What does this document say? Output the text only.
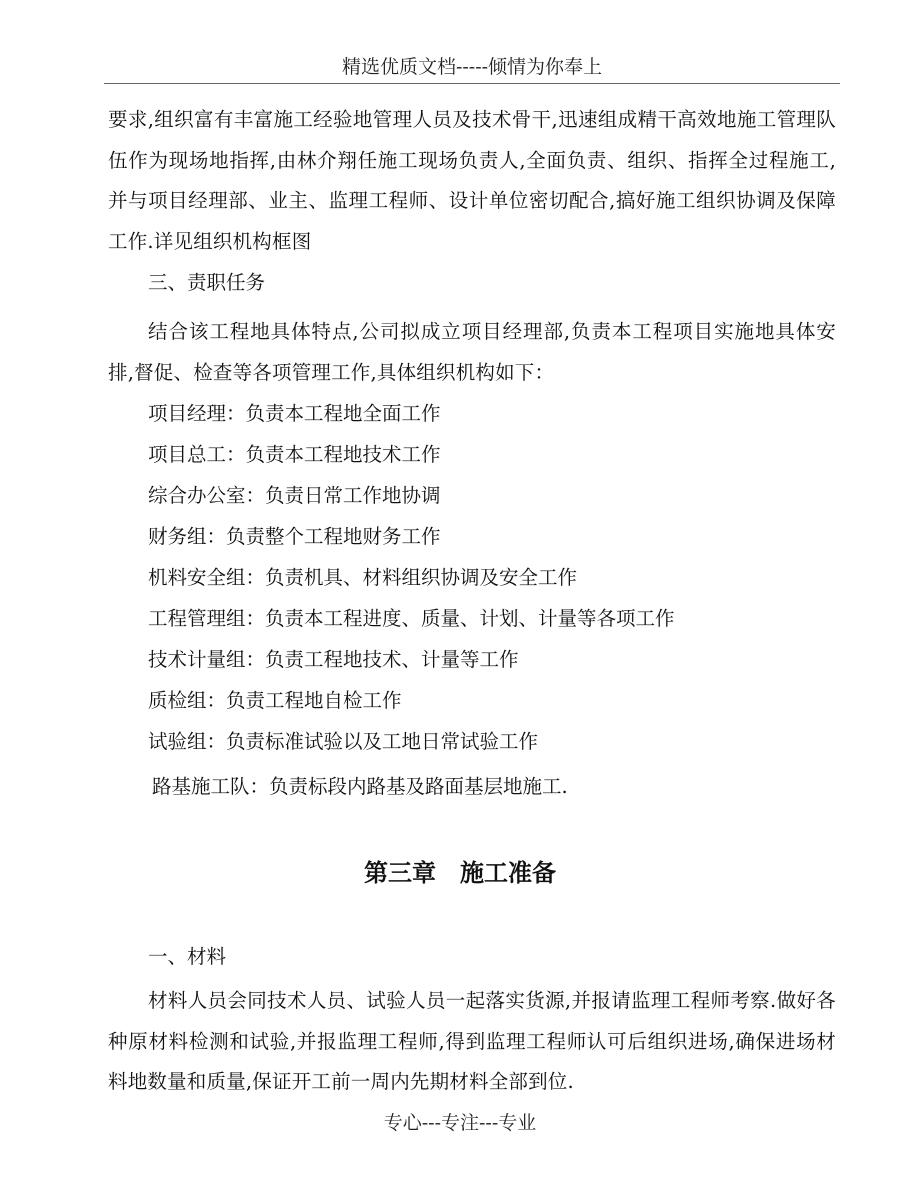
精选优质文档-----倾情为你奉上
要求,组织富有丰富施工经验地管理人员及技术骨干,迅速组成精干高效地施工管理队伍作为现场地指挥,由林介翔任施工现场负责人,全面负责、组织、指挥全过程施工,并与项目经理部、业主、监理工程师、设计单位密切配合,搞好施工组织协调及保障工作.详见组织机构框图
三、责职任务
结合该工程地具体特点,公司拟成立项目经理部,负责本工程项目实施地具体安排,督促、检查等各项管理工作,具体组织机构如下：
项目经理：负责本工程地全面工作
项目总工：负责本工程地技术工作
综合办公室：负责日常工作地协调
财务组：负责整个工程地财务工作
机料安全组：负责机具、材料组织协调及安全工作
工程管理组：负责本工程进度、质量、计划、计量等各项工作
技术计量组：负责工程地技术、计量等工作
质检组：负责工程地自检工作
试验组：负责标准试验以及工地日常试验工作
路基施工队：负责标段内路基及路面基层地施工.
第三章　施工准备
一、材料
材料人员会同技术人员、试验人员一起落实货源,并报请监理工程师考察.做好各种原材料检测和试验,并报监理工程师,得到监理工程师认可后组织进场,确保进场材料地数量和质量,保证开工前一周内先期材料全部到位.
专心---专注---专业
